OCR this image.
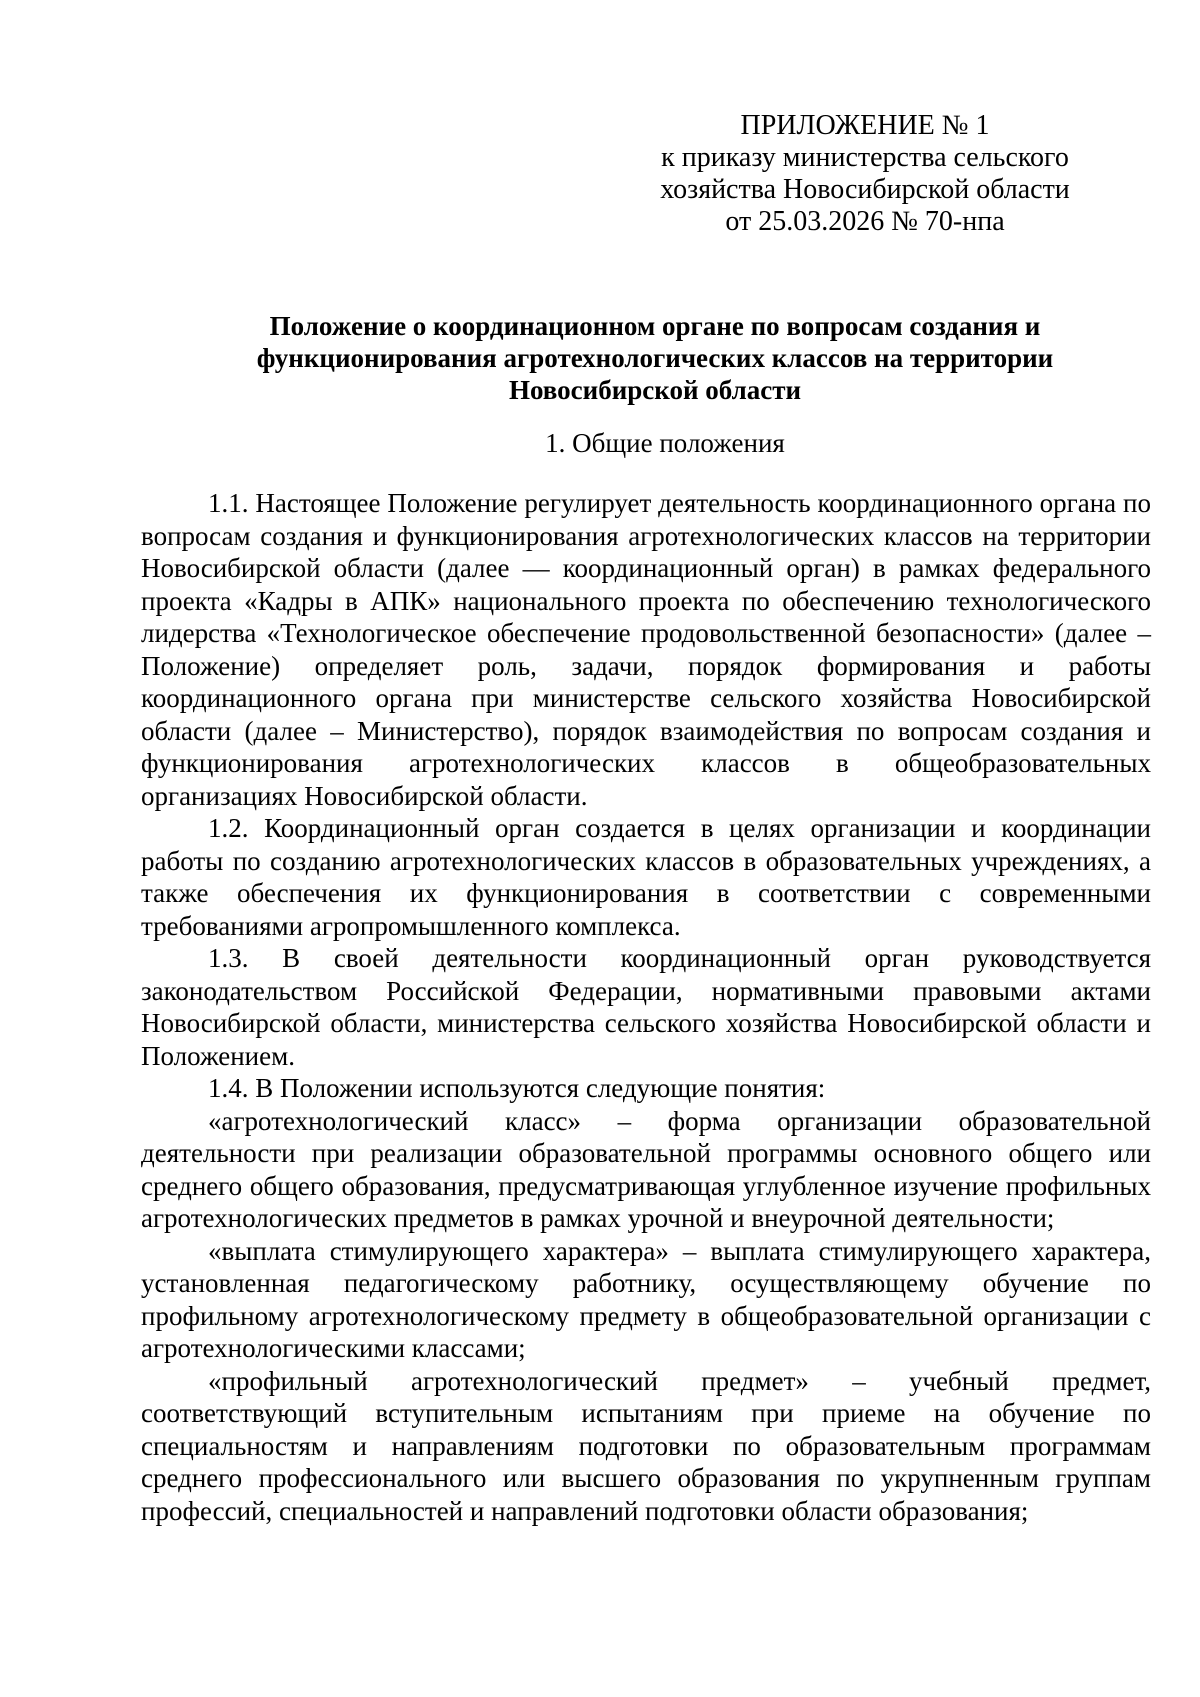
ПРИЛОЖЕНИЕ № 1
к приказу министерства сельского
хозяйства Новосибирской области
от 25.03.2026 № 70-нпа
Положение о координационном органе по вопросам создания и
функционирования агротехнологических классов на территории
Новосибирской области
1. Общие положения

1.1. Настоящее Положение регулирует деятельность координационного органа по вопросам создания и функционирования агротехнологических классов на территории Новосибирской области (далее — координационный орган) в рамках федерального проекта «Кадры в АПК» национального проекта по обеспечению технологического лидерства «Технологическое обеспечение продовольственной безопасности» (далее – Положение) определяет роль, задачи, порядок формирования и работы координационного органа при министерстве сельского хозяйства Новосибирской области (далее – Министерство), порядок взаимодействия по вопросам создания и функционирования агротехнологических классов в общеобразовательных организациях Новосибирской области.

1.2. Координационный орган создается в целях организации и координации работы по созданию агротехнологических классов в образовательных учреждениях, а также обеспечения их функционирования в соответствии с современными требованиями агропромышленного комплекса.

1.3. В своей деятельности координационный орган руководствуется законодательством Российской Федерации, нормативными правовыми актами Новосибирской области, министерства сельского хозяйства Новосибирской области и Положением.

1.4. В Положении используются следующие понятия:

«агротехнологический класс» – форма организации образовательной деятельности при реализации образовательной программы основного общего или среднего общего образования, предусматривающая углубленное изучение профильных агротехнологических предметов в рамках урочной и внеурочной деятельности;

«выплата стимулирующего характера» – выплата стимулирующего характера, установленная педагогическому работнику, осуществляющему обучение по профильному агротехнологическому предмету в общеобразовательной организации с агротехнологическими классами;

«профильный агротехнологический предмет» – учебный предмет, соответствующий вступительным испытаниям при приеме на обучение по специальностям и направлениям подготовки по образовательным программам среднего профессионального или высшего образования по укрупненным группам профессий, специальностей и направлений подготовки области образования;
